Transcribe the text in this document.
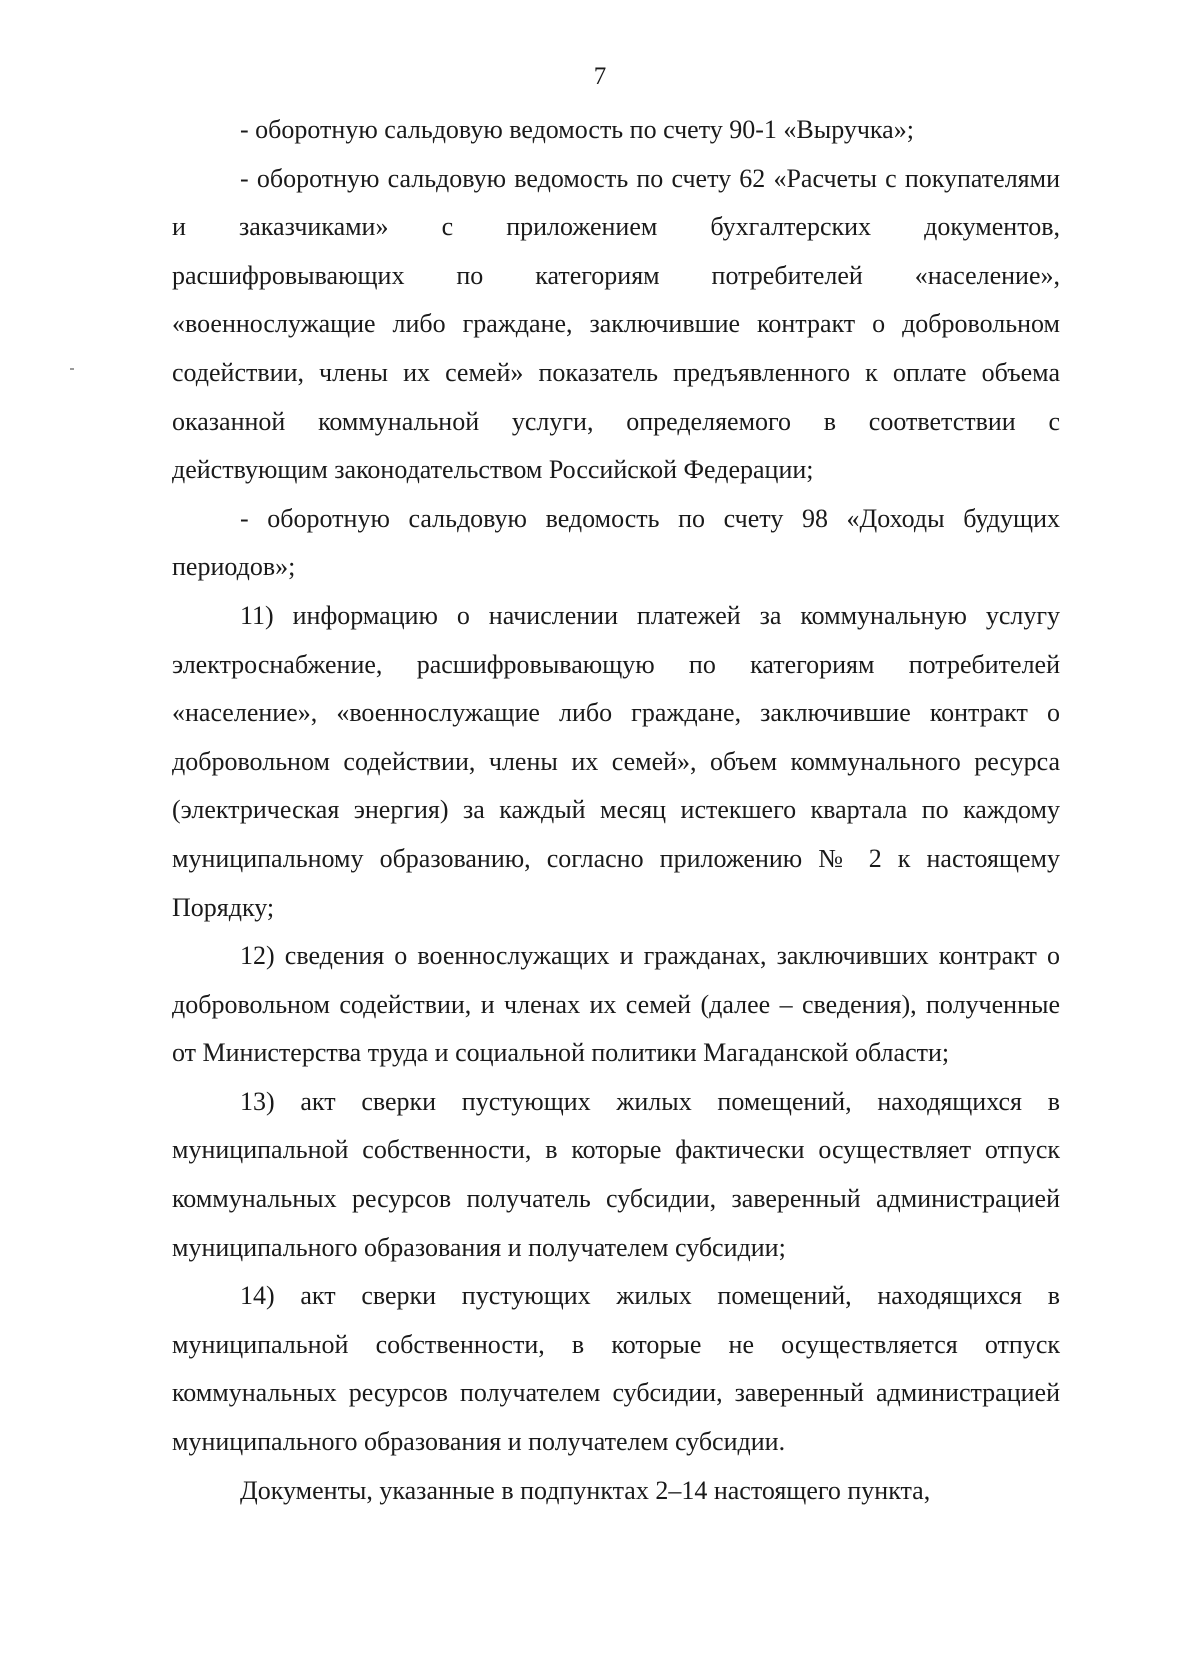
7

- оборотную сальдовую ведомость по счету 90-1 «Выручка»;

- оборотную сальдовую ведомость по счету 62 «Расчеты с покупателями и заказчиками» с приложением бухгалтерских документов, расшифровывающих по категориям потребителей «население», «военнослужащие либо граждане, заключившие контракт о добровольном содействии, члены их семей» показатель предъявленного к оплате объема оказанной коммунальной услуги, определяемого в соответствии с действующим законодательством Российской Федерации;

- оборотную сальдовую ведомость по счету 98 «Доходы будущих периодов»;

11) информацию о начислении платежей за коммунальную услугу электроснабжение, расшифровывающую по категориям потребителей «население», «военнослужащие либо граждане, заключившие контракт о добровольном содействии, члены их семей», объем коммунального ресурса (электрическая энергия) за каждый месяц истекшего квартала по каждому муниципальному образованию, согласно приложению № 2 к настоящему Порядку;

12) сведения о военнослужащих и гражданах, заключивших контракт о добровольном содействии, и членах их семей (далее – сведения), полученные от Министерства труда и социальной политики Магаданской области;

13) акт сверки пустующих жилых помещений, находящихся в муниципальной собственности, в которые фактически осуществляет отпуск коммунальных ресурсов получатель субсидии, заверенный администрацией муниципального образования и получателем субсидии;

14) акт сверки пустующих жилых помещений, находящихся в муниципальной собственности, в которые не осуществляется отпуск коммунальных ресурсов получателем субсидии, заверенный администрацией муниципального образования и получателем субсидии.

Документы, указанные в подпунктах 2–14 настоящего пункта,
